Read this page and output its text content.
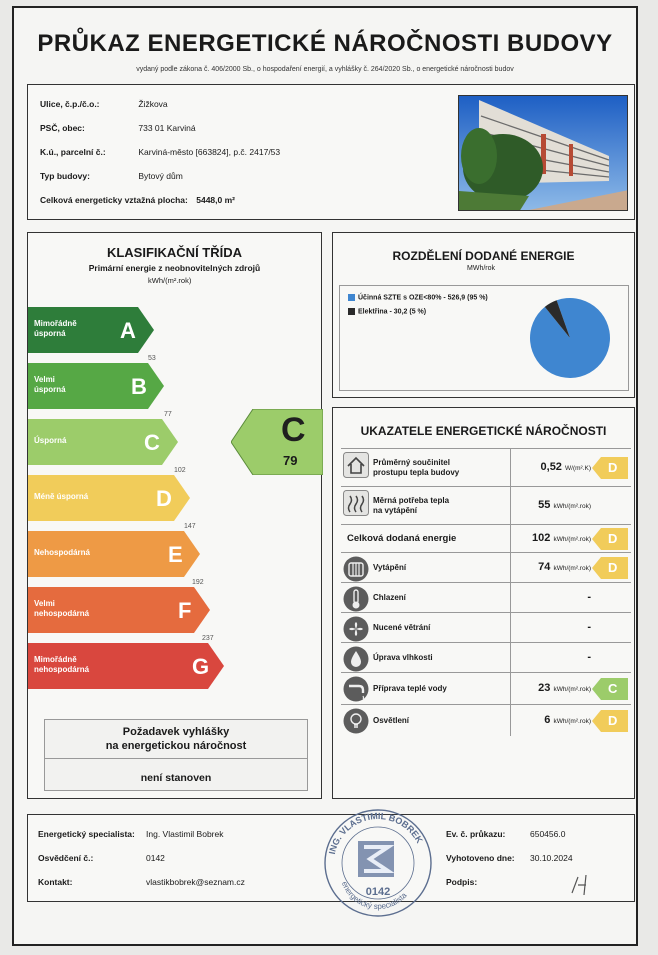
PRŮKAZ ENERGETICKÉ NÁROČNOSTI BUDOVY
vydaný podle zákona č. 406/2000 Sb., o hospodaření energií, a vyhlášky č. 264/2020 Sb., o energetické náročnosti budov
Ulice, č.p./č.o.:	Žižkova
PSČ, obec:	733 01 Karviná
K.ú., parcelní č.:	Karviná-město [663824], p.č. 2417/53
Typ budovy:	Bytový dům
Celková energeticky vztažná plocha: 5448,0 m²
KLASIFIKAČNÍ TŘÍDA
Primární energie z neobnovitelných zdrojů
kWh/(m².rok)
Mimořádně
úsporná A
53
Velmi
úsporná	B
77
Úsporná	C
102
Méně úsporná	D
147
Nehospodárná	E
192
Velmi
nehospodárná	F
237
Mimořádně
nehospodárná	G
C
79
Požadavek vyhlášky
na energetickou náročnost
není stanoven
ROZDĚLENÍ DODANÉ ENERGIE
MWh/rok
Účinná SZTE s OZE<80% - 526,9 (95 %)
Elektřina - 30,2 (5 %)
UKAZATELE ENERGETICKÉ NÁROČNOSTI
Průměrný součinitel
prostupu tepla budovy	0,52 W/(m².K) D
Měrná potřeba tepla
na vytápění	55 kWh/(m².rok)
Celková dodaná energie	102 kWh/(m².rok) D
Vytápění	74 kWh/(m².rok) D
Chlazení	-
Nucené větrání	-
Úprava vlhkosti	-
Příprava teplé vody	23 kWh/(m².rok) C
Osvětlení	6 kWh/(m².rok) D
Energetický specialista: Ing. Vlastimil Bobrek
Osvědčení č.:	0142
Kontakt:	vlastikbobrek@seznam.cz
Ev. č. průkazu:	650456.0
Vyhotoveno dne: 30.10.2024
Podpis:
ING. VLASTIMIL BOBREK
energetický specialista
0142
